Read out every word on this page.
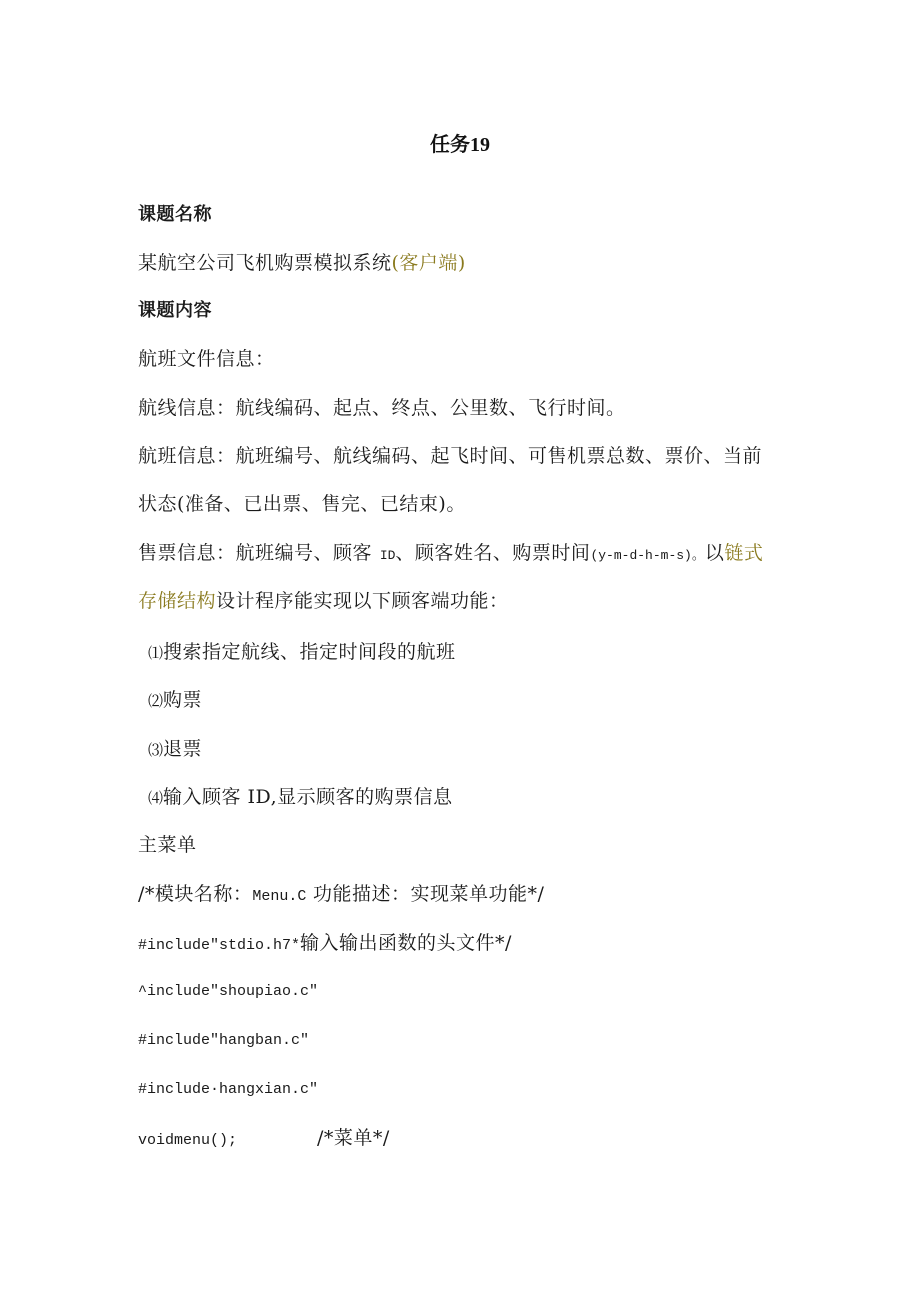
任务19
课题名称
某航空公司飞机购票模拟系统(客户端)
课题内容
航班文件信息：
航线信息：航线编码、起点、终点、公里数、飞行时间。
航班信息：航班编号、航线编码、起飞时间、可售机票总数、票价、当前
状态(准备、已出票、售完、已结束)。
售票信息：航班编号、顾客 ID、顾客姓名、购票时间(y-m-d-h-m-s)。以链式
存储结构设计程序能实现以下顾客端功能：
⑴搜索指定航线、指定时间段的航班
⑵购票
⑶退票
⑷输入顾客 ID,显示顾客的购票信息
主菜单
/*模块名称：Menu.C 功能描述：实现菜单功能*/
#include"stdio.h7*输入输出函数的头文件*/
^include"shoupiao.c"
#include"hangban.c"
#include·hangxian.c"
voidmenu();	/*菜单*/
